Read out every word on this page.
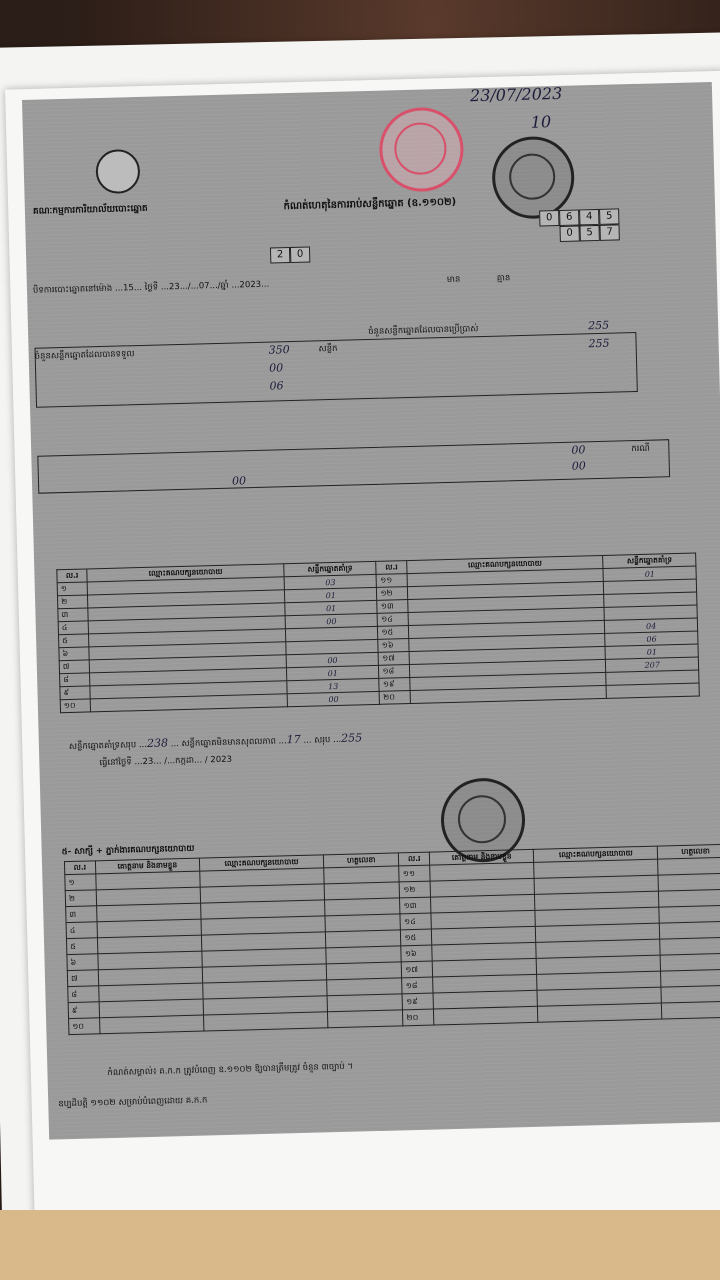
23/07/2023
10
គណៈកម្មការការិយាល័យបោះឆ្នោត	កំណត់ហេតុនៃការរាប់សន្លឹកឆ្នោត (ឧ.១១០២)
0	6	4	5
0	5	7
2	0
បិទការបោះឆ្នោតនៅម៉ោង ...15... ថ្ងៃទី ...23.../...07.../ឆ្នាំ ...2023...	មាន	គ្មាន
ចំនួនសន្លឹកឆ្នោតដែលបានទទួល	350	សន្លឹក
ចំនួនសន្លឹកឆ្នោតដែលបានប្រើប្រាស់	255
00
255
06
00	ករណី
00
00
ល.រ	ឈ្មោះគណបក្សនយោបាយ	សន្លឹកឆ្នោតគាំទ្រ	ល.រ	ឈ្មោះគណបក្សនយោបាយ	សន្លឹកឆ្នោតគាំទ្រ
១		03	១១		01
២		01	១២		
៣		01	១៣		
៤		00	១៤		
៥			១៥		04
៦			១៦		06
៧		00	១៧		01
៨		01	១៨		207
៩		13	១៩		
១០		00	២០		
សន្លឹកឆ្នោតគាំទ្រសរុប ...238 ... សន្លឹកឆ្នោតមិនមានសុពលភាព ...17 ... សរុប ...255
ធ្វើនៅថ្ងៃទី ...23... /...កក្កដា... / 2023
៥- សាក្សី + ភ្នាក់ងារគណបក្សនយោបាយ
ល.រ	គោត្តនាម និងនាមខ្លួន	ឈ្មោះគណបក្សនយោបាយ	ហត្ថលេខា	ល.រ	គោត្តនាម និងនាមខ្លួន	ឈ្មោះគណបក្សនយោបាយ	ហត្ថលេខា
១				១១			
២				១២			
៣				១៣			
៤				១៤			
៥				១៥			
៦				១៦			
៧				១៧			
៨				១៨			
៩				១៩			
១០				២០			
កំណត់សម្គាល់៖ គ.ក.ក ត្រូវបំពេញ ឧ.១១០២ ឱ្យបានត្រឹមត្រូវ ចំនួន ៣ច្បាប់ ។
ឧប្បដិបត្តិ ១១០២ សម្រាប់បំពេញដោយ គ.ក.ក
